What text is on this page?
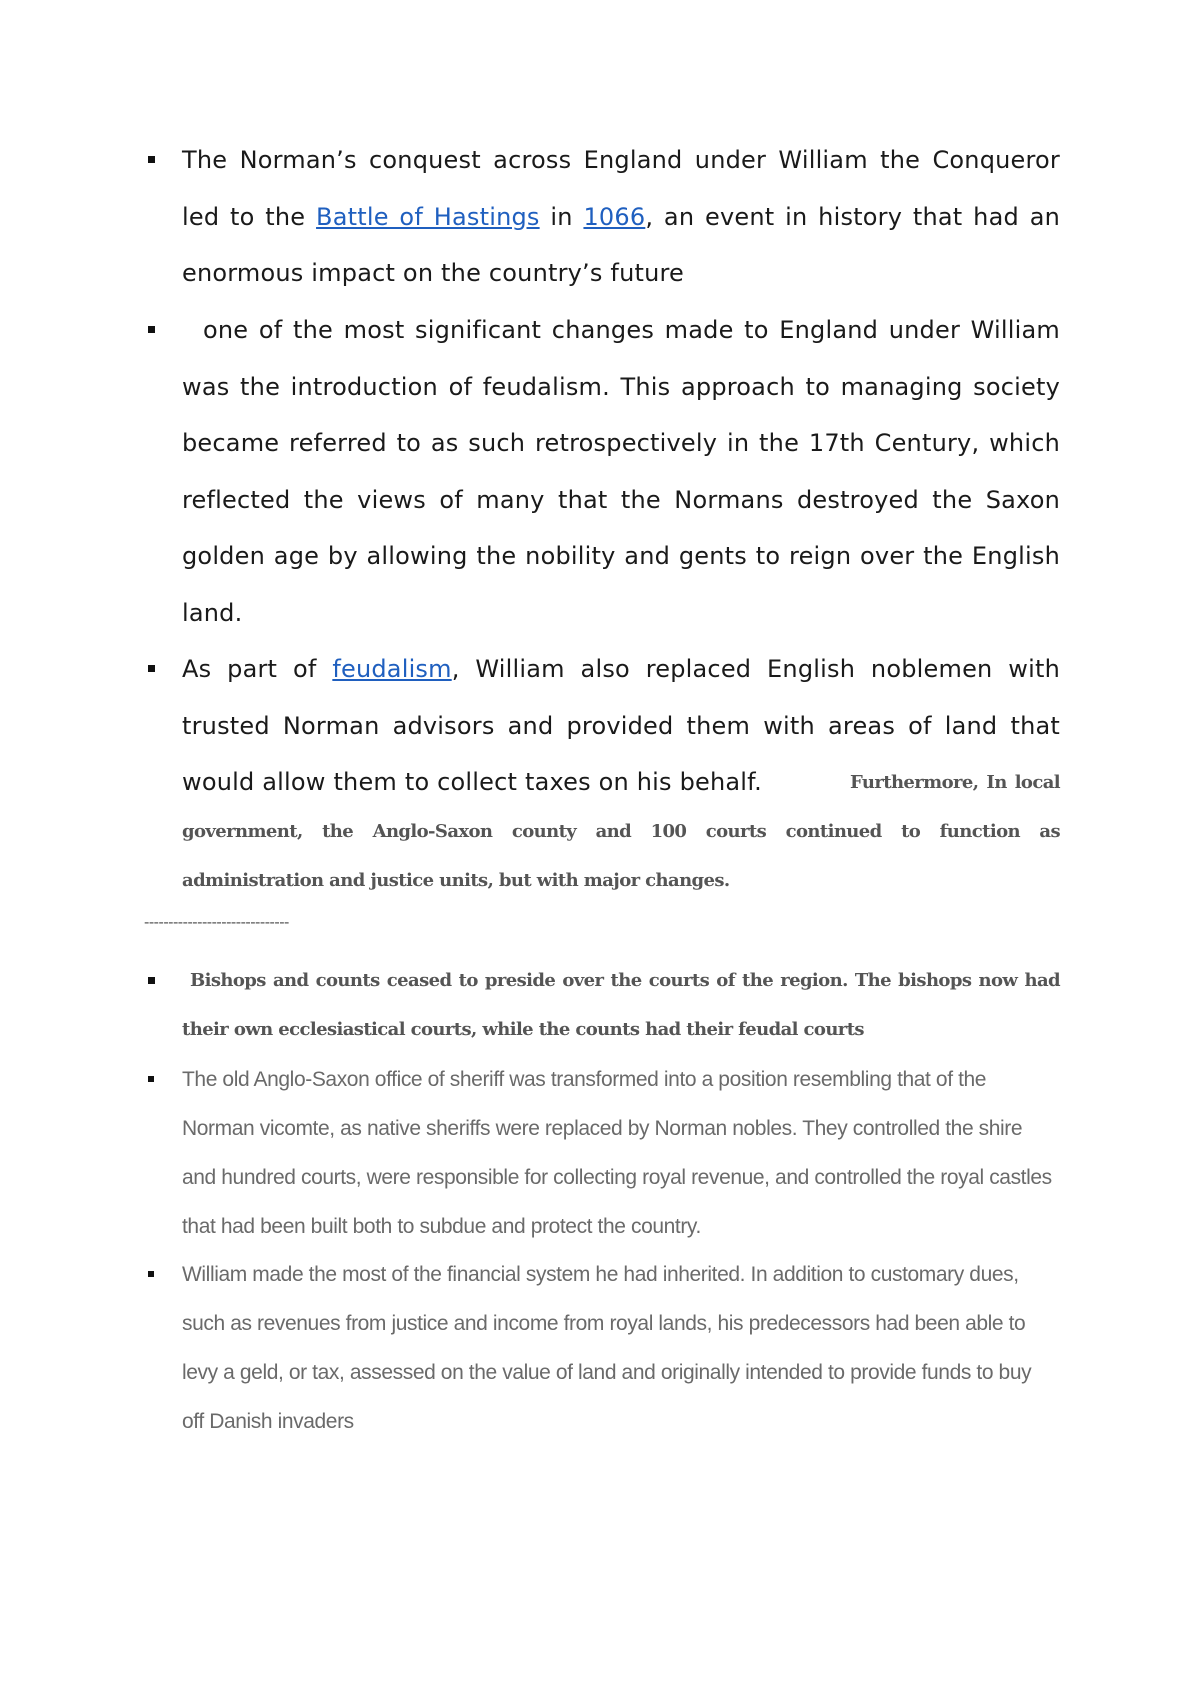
The Norman’s conquest across England under William the Conqueror led to the Battle of Hastings in 1066, an event in history that had an enormous impact on the country’s future

one of the most significant changes made to England under William was the introduction of feudalism. This approach to managing society became referred to as such retrospectively in the 17th Century, which reflected the views of many that the Normans destroyed the Saxon golden age by allowing the nobility and gents to reign over the English land.

As part of feudalism, William also replaced English noblemen with trusted Norman advisors and provided them with areas of land that would allow them to collect taxes on his behalf.	Furthermore, In local government, the Anglo-Saxon county and 100 courts continued to function as administration and justice units, but with major changes.

------------------------------

Bishops and counts ceased to preside over the courts of the region. The bishops now had their own ecclesiastical courts, while the counts had their feudal courts

The old Anglo-Saxon office of sheriff was transformed into a position resembling that of the Norman vicomte, as native sheriffs were replaced by Norman nobles. They controlled the shire and hundred courts, were responsible for collecting royal revenue, and controlled the royal castles that had been built both to subdue and protect the country.

William made the most of the financial system he had inherited. In addition to customary dues, such as revenues from justice and income from royal lands, his predecessors had been able to levy a geld, or tax, assessed on the value of land and originally intended to provide funds to buy off Danish invaders
